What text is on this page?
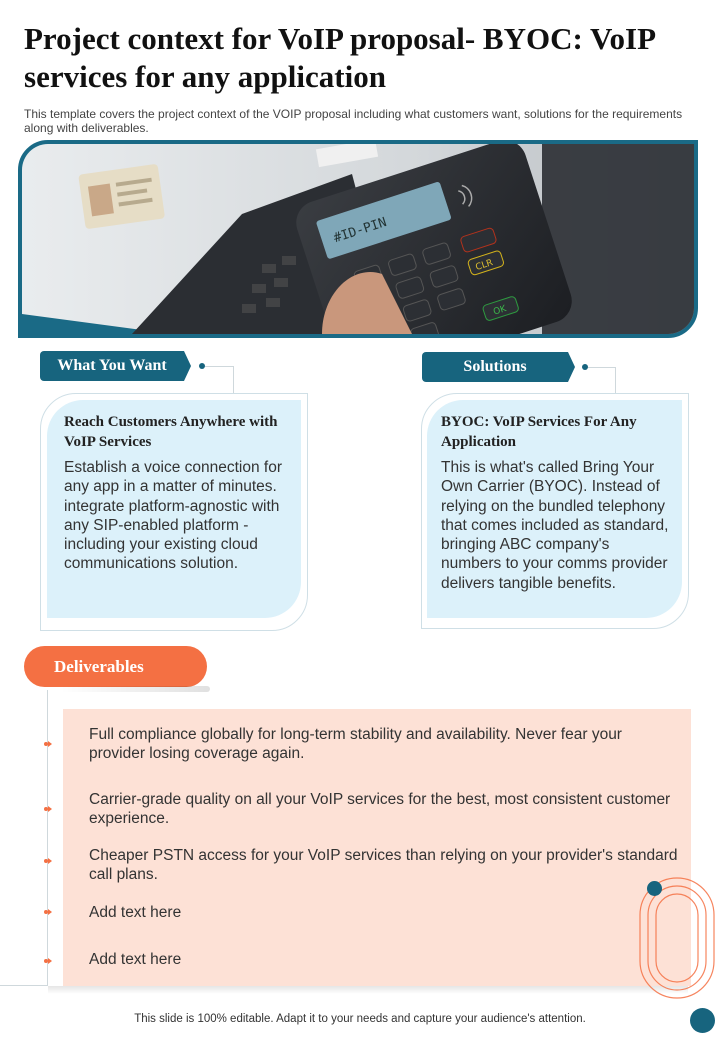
Project context for VoIP proposal- BYOC: VoIP services for any application

This template covers the project context of the VOIP proposal including what customers want, solutions for the requirements along with deliverables.

#ID-PIN
CLR
OK
What You Want
Reach Customers Anywhere with VoIP Services
Establish a voice connection for any app in a matter of minutes. integrate platform-agnostic with any SIP-enabled platform - including your existing cloud communications solution.
Solutions
BYOC: VoIP Services For Any Application
This is what's called Bring Your Own Carrier (BYOC). Instead of relying on the bundled telephony that comes included as standard, bringing ABC company's numbers to your comms provider delivers tangible benefits.
Deliverables
Full compliance globally for long-term stability and availability. Never fear your provider losing coverage again.
Carrier-grade quality on all your VoIP services for the best, most consistent customer experience.
Cheaper PSTN access for your VoIP services than relying on your provider's standard call plans.
Add text here
Add text here
This slide is 100% editable. Adapt it to your needs and capture your audience's attention.
